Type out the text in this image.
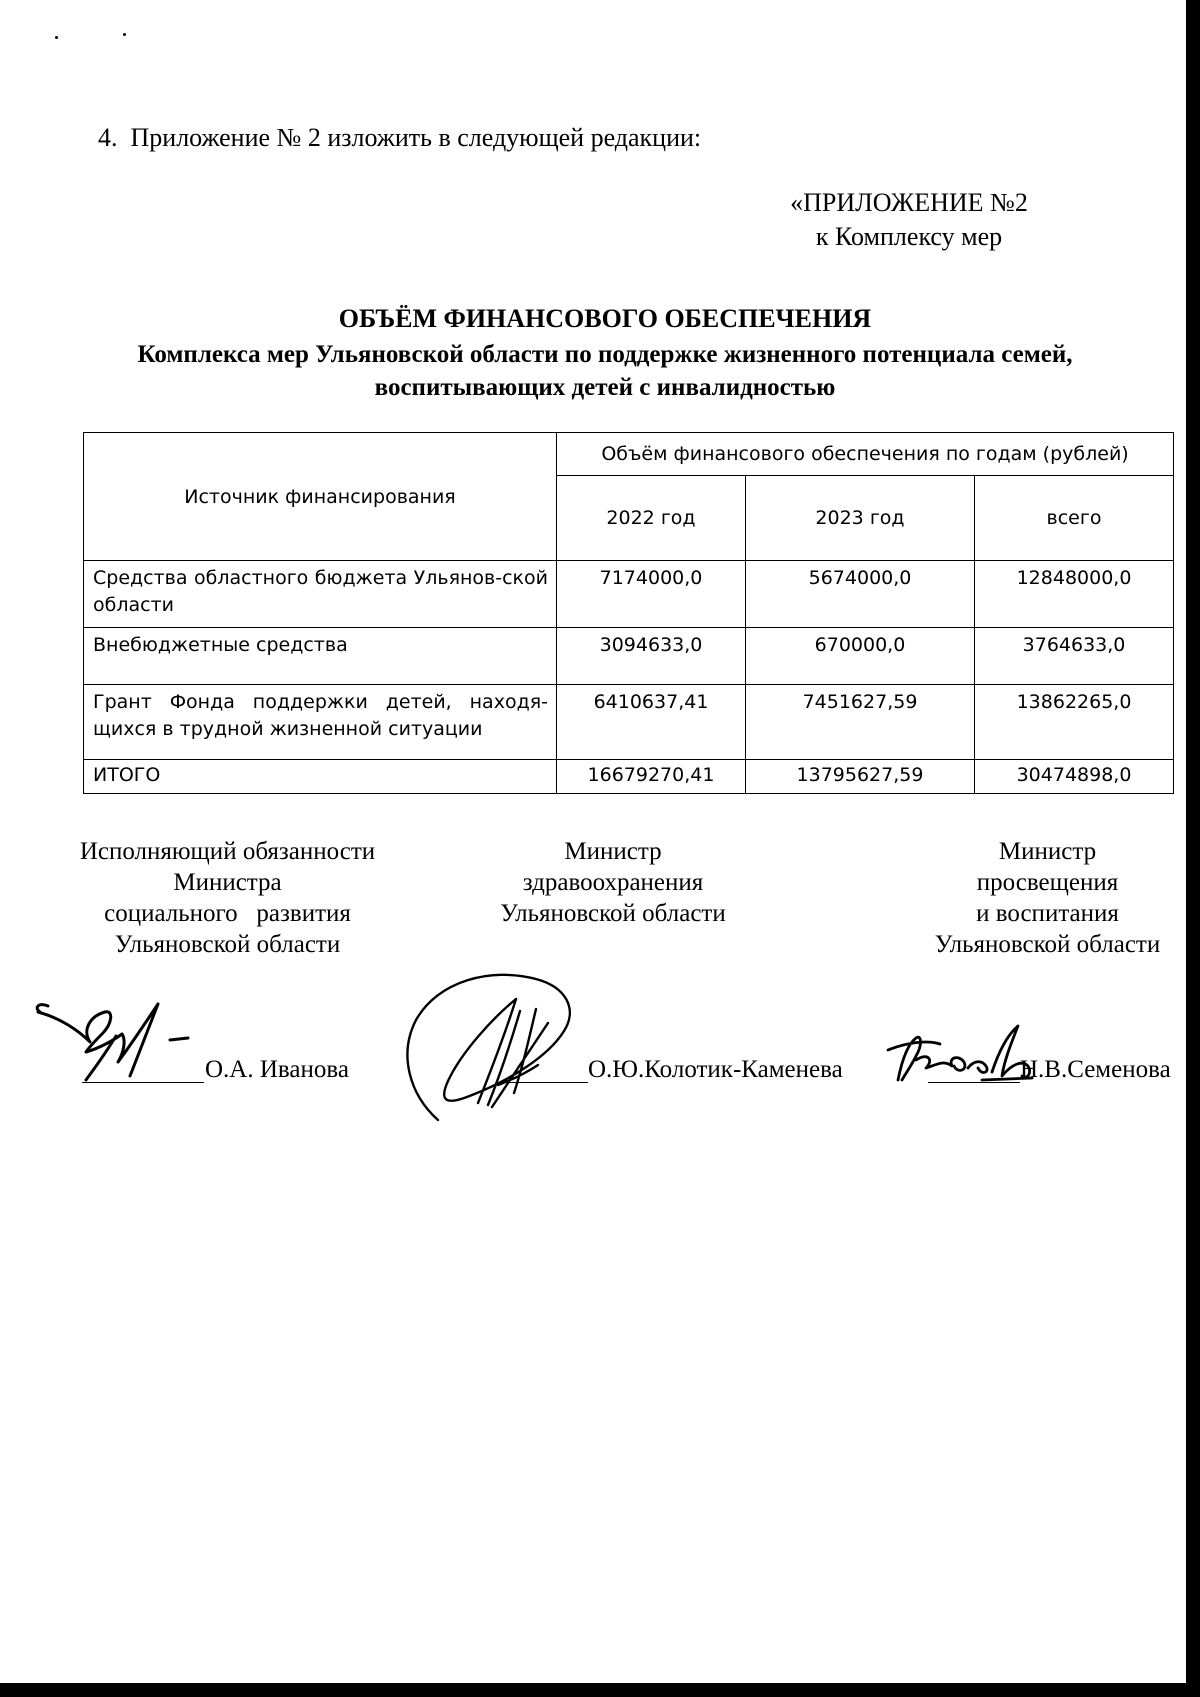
4. Приложение № 2 изложить в следующей редакции:
«ПРИЛОЖЕНИЕ №2
к Комплексу мер
ОБЪЁМ ФИНАНСОВОГО ОБЕСПЕЧЕНИЯ
Комплекса мер Ульяновской области по поддержке жизненного потенциала семей,
воспитывающих детей с инвалидностью
Источник финансирования	Объём финансового обеспечения по годам (рублей)		
	2022 год	2023 год	всего
Средства областного бюджета Ульянов-ской области	7174000,0	5674000,0	12848000,0
Внебюджетные средства	3094633,0	670000,0	3764633,0
Грант Фонда поддержки детей, находя-щихся в трудной жизненной ситуации	6410637,41	7451627,59	13862265,0
ИТОГО	16679270,41	13795627,59	30474898,0
Исполняющий обязанности
Министра
социального   развития
Ульяновской области
Министр
здравоохранения
Ульяновской области
Министр
просвещения
и воспитания
Ульяновской области
О.А. Иванова	О.Ю.Колотик-Каменева	Н.В.Семенова
